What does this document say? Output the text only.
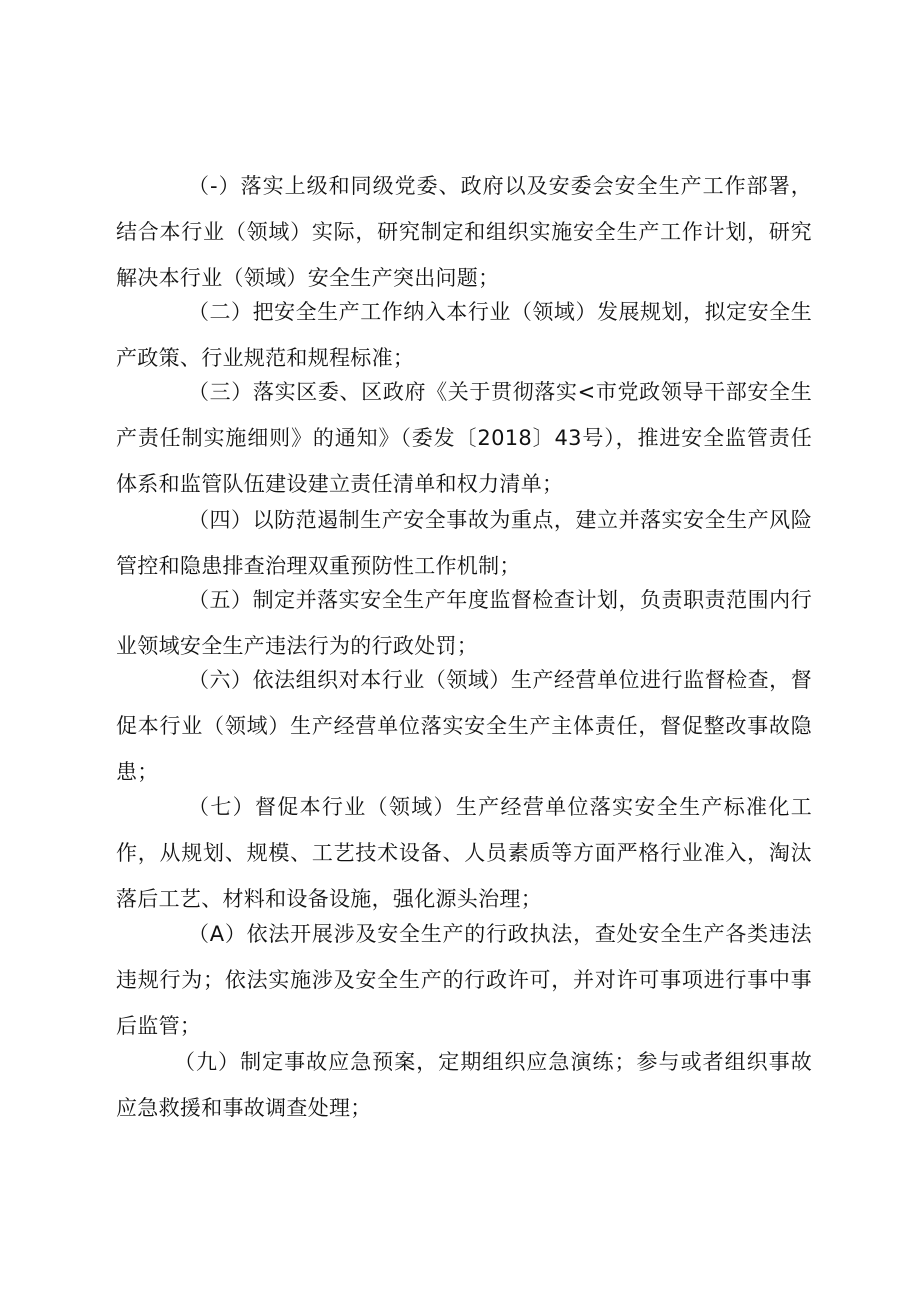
（-）落实上级和同级党委、政府以及安委会安全生产工作部署，结合本行业（领域）实际，研究制定和组织实施安全生产工作计划，研究解决本行业（领域）安全生产突出问题；

（二）把安全生产工作纳入本行业（领域）发展规划，拟定安全生产政策、行业规范和规程标准；

（三）落实区委、区政府《关于贯彻落实<市党政领导干部安全生产责任制实施细则》的通知》（委发〔2018〕43号），推进安全监管责任体系和监管队伍建设建立责任清单和权力清单；

（四）以防范遏制生产安全事故为重点，建立并落实安全生产风险管控和隐患排查治理双重预防性工作机制；

（五）制定并落实安全生产年度监督检查计划，负责职责范围内行业领域安全生产违法行为的行政处罚；

（六）依法组织对本行业（领域）生产经营单位进行监督检查，督促本行业（领域）生产经营单位落实安全生产主体责任，督促整改事故隐患；

（七）督促本行业（领域）生产经营单位落实安全生产标准化工作，从规划、规模、工艺技术设备、人员素质等方面严格行业准入，淘汰落后工艺、材料和设备设施，强化源头治理；

（A）依法开展涉及安全生产的行政执法，查处安全生产各类违法违规行为；依法实施涉及安全生产的行政许可，并对许可事项进行事中事后监管；

（九）制定事故应急预案，定期组织应急演练；参与或者组织事故应急救援和事故调查处理；
